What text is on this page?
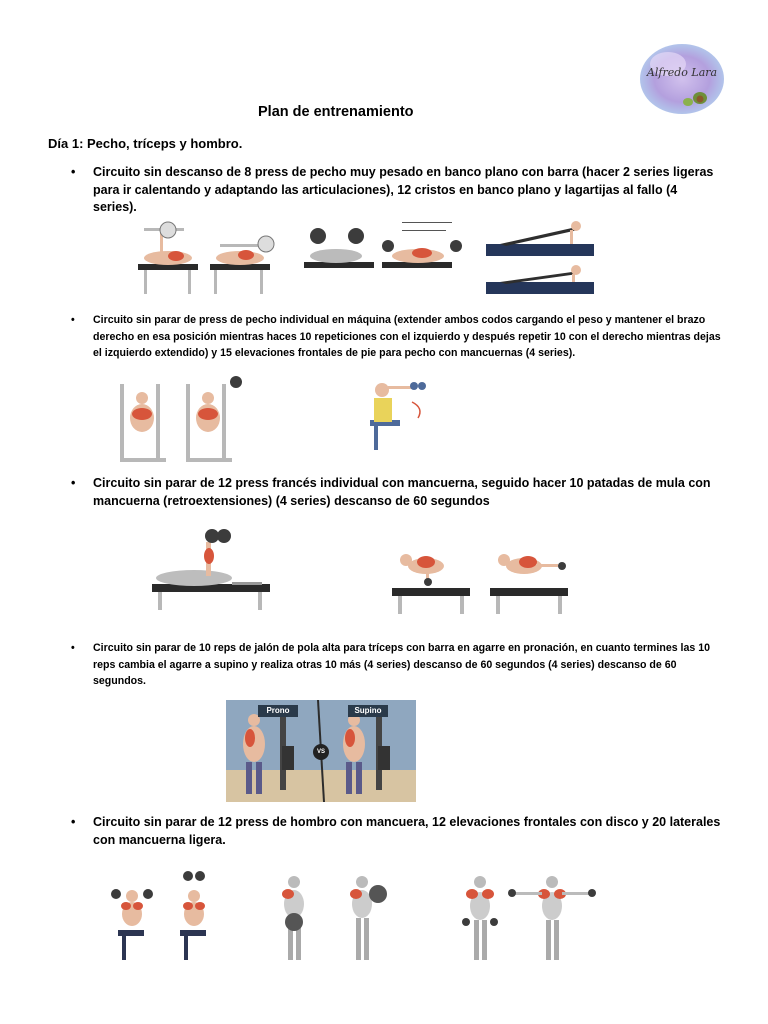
Alfredo Lara
Plan de entrenamiento
Día 1: Pecho, tríceps y hombro.
• Circuito sin descanso de 8 press de pecho muy pesado en banco plano con barra (hacer 2 series ligeras para ir calentando y adaptando las articulaciones), 12 cristos en banco plano y lagartijas al fallo (4 series).
• Circuito sin parar de press de pecho individual en máquina (extender ambos codos cargando el peso y mantener el brazo derecho en esa posición mientras haces 10 repeticiones con el izquierdo y después repetir 10 con el derecho mientras dejas el izquierdo extendido) y 15 elevaciones frontales de pie para pecho con mancuernas (4 series).
• Circuito sin parar de 12 press francés individual con mancuerna, seguido hacer 10 patadas de mula con mancuerna (retroextensiones) (4 series) descanso de 60 segundos
• Circuito sin parar de 10 reps de jalón de pola alta para tríceps con barra en agarre en pronación, en cuanto termines las 10 reps cambia el agarre a supino y realiza otras 10 más (4 series) descanso de 60 segundos (4 series) descanso de 60 segundos.
Prono	Supino
VS
• Circuito sin parar de 12 press de hombro con mancuera, 12 elevaciones frontales con disco y 20 laterales con mancuerna ligera.
